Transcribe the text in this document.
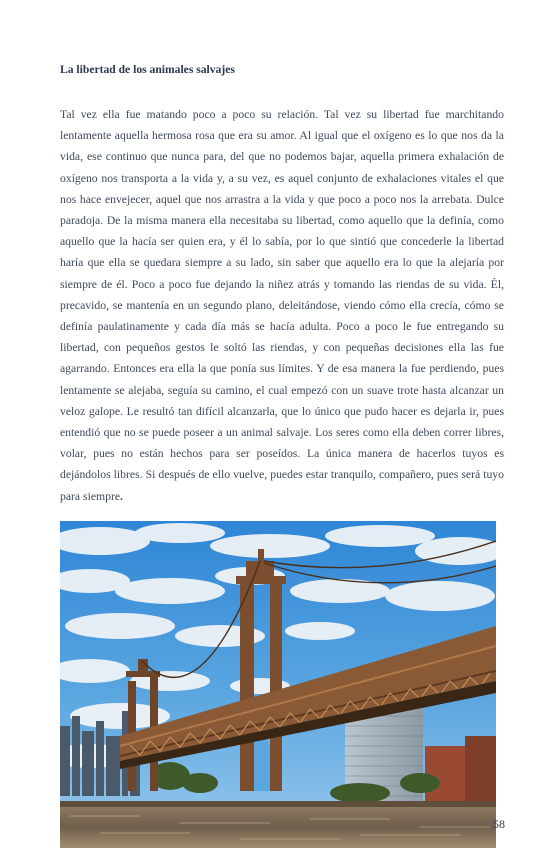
La libertad de los animales salvajes

Tal vez ella fue matando poco a poco su relación. Tal vez su libertad fue marchitando lentamente aquella hermosa rosa que era su amor. Al igual que el oxígeno es lo que nos da la vida, ese continuo que nunca para, del que no podemos bajar, aquella primera exhalación de oxígeno nos transporta a la vida y, a su vez, es aquel conjunto de exhalaciones vitales el que nos hace envejecer, aquel que nos arrastra a la vida y que poco a poco nos la arrebata. Dulce paradoja. De la misma manera ella necesitaba su libertad, como aquello que la definía, como aquello que la hacía ser quien era, y él lo sabía, por lo que sintió que concederle la libertad haría que ella se quedara siempre a su lado, sin saber que aquello era lo que la alejaría por siempre de él. Poco a poco fue dejando la niñez atrás y tomando las riendas de su vida. Él, precavido, se mantenía en un segundo plano, deleitándose, viendo cómo ella crecía, cómo se definía paulatinamente y cada día más se hacía adulta. Poco a poco le fue entregando su libertad, con pequeños gestos le soltó las riendas, y con pequeñas decisiones ella las fue agarrando. Entonces era ella la que ponía sus límites. Y de esa manera la fue perdiendo, pues lentamente se alejaba, seguía su camino, el cual empezó con un suave trote hasta alcanzar un veloz galope. Le resultó tan difícil alcanzarla, que lo único que pudo hacer es dejarla ir, pues entendió que no se puede poseer a un animal salvaje. Los seres como ella deben correr libres, volar, pues no están hechos para ser poseídos. La única manera de hacerlos tuyos es dejándolos libres. Si después de ello vuelve, puedes estar tranquilo, compañero, pues será tuyo para siempre.

58
